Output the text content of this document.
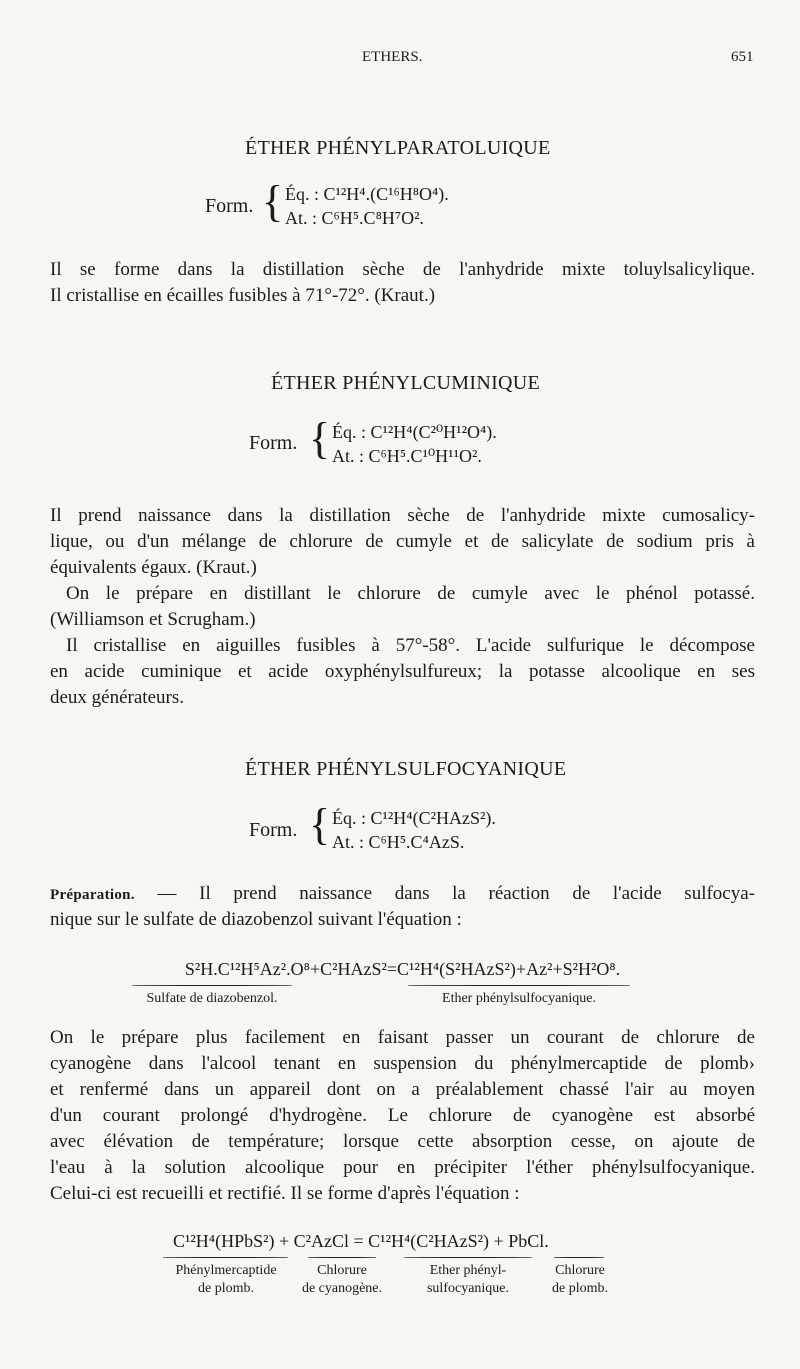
ETHERS.	651
ÉTHER PHÉNYLPARATOLUIQUE
Form. { Éq. : C¹²H⁴.(C¹⁶H⁸O⁴).
At. : C⁶H⁵.C⁸H⁷O².
Il se forme dans la distillation sèche de l'anhydride mixte toluylsalicylique.
Il cristallise en écailles fusibles à 71°-72°. (Kraut.)
ÉTHER PHÉNYLCUMINIQUE
Form. { Éq. : C¹²H⁴(C²⁰H¹²O⁴).
At. : C⁶H⁵.C¹⁰H¹¹O².
Il prend naissance dans la distillation sèche de l'anhydride mixte cumosalicy-
lique, ou d'un mélange de chlorure de cumyle et de salicylate de sodium pris à
équivalents égaux. (Kraut.)
On le prépare en distillant le chlorure de cumyle avec le phénol potassé.
(Williamson et Scrugham.)
Il cristallise en aiguilles fusibles à 57°-58°. L'acide sulfurique le décompose
en acide cuminique et acide oxyphénylsulfureux; la potasse alcoolique en ses
deux générateurs.
ÉTHER PHÉNYLSULFOCYANIQUE
Form. { Éq. : C¹²H⁴(C²HAzS²).
At. : C⁶H⁵.C⁴AzS.
Préparation. — Il prend naissance dans la réaction de l'acide sulfocya-
nique sur le sulfate de diazobenzol suivant l'équation :
S²H.C¹²H⁵Az².O⁸+C²HAzS²=C¹²H⁴(S²HAzS²)+Az²+S²H²O⁸.
Sulfate de diazobenzol.	Ether phénylsulfocyanique.
On le prépare plus facilement en faisant passer un courant de chlorure de
cyanogène dans l'alcool tenant en suspension du phénylmercaptide de plomb›
et renfermé dans un appareil dont on a préalablement chassé l'air au moyen
d'un courant prolongé d'hydrogène. Le chlorure de cyanogène est absorbé
avec élévation de température; lorsque cette absorption cesse, on ajoute de
l'eau à la solution alcoolique pour en précipiter l'éther phénylsulfocyanique.
Celui-ci est recueilli et rectifié. Il se forme d'après l'équation :
C¹²H⁴(HPbS²) + C²AzCl = C¹²H⁴(C²HAzS²) + PbCl.
Phénylmercaptide
de plomb.
Chlorure
de cyanogène.
Ether phényl-
sulfocyanique.
Chlorure
de plomb.
